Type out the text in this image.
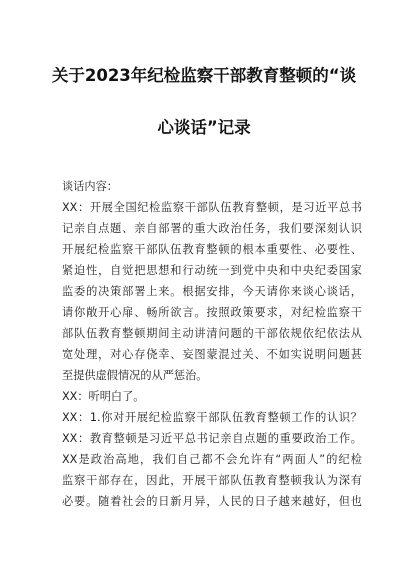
关于2023年纪检监察干部教育整顿的“谈
心谈话”记录
谈话内容：
XX：开展全国纪检监察干部队伍教育整顿，是习近平总书
记亲自点题、亲自部署的重大政治任务，我们要深刻认识
开展纪检监察干部队伍教育整顿的根本重要性、必要性、
紧迫性，自觉把思想和行动统一到党中央和中央纪委国家
监委的决策部署上来。根据安排，今天请你来谈心谈话，
请你敞开心扉、畅所欲言。按照政策要求，对纪检监察干
部队伍教育整顿期间主动讲清问题的干部依规依纪依法从
宽处理，对心存侥幸、妄图蒙混过关、不如实说明问题甚
至提供虚假情况的从严惩治。
XX：听明白了。
XX：1.你对开展纪检监察干部队伍教育整顿工作的认识？
XX：教育整顿是习近平总书记亲自点题的重要政治工作。
XX是政治高地，我们自己都不会允许有“两面人”的纪检
监察干部存在，因此，开展干部队伍教育整顿我认为深有
必要。随着社会的日新月异，人民的日子越来越好，但也
